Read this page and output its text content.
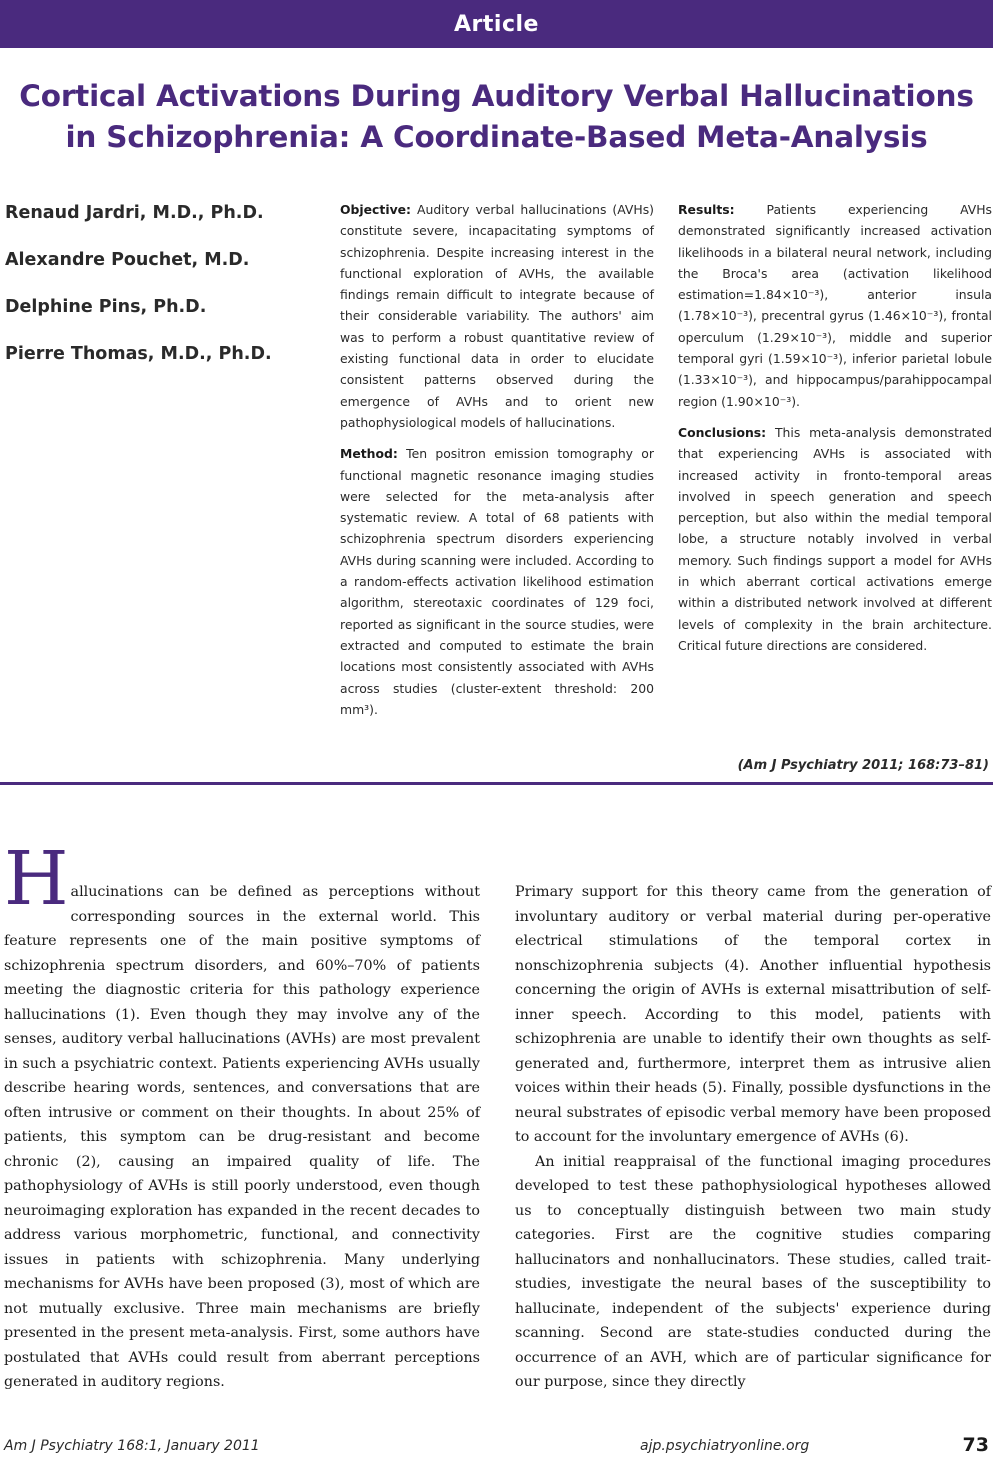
Article
Cortical Activations During Auditory Verbal Hallucinations
in Schizophrenia: A Coordinate-Based Meta-Analysis
Renaud Jardri, M.D., Ph.D.
Alexandre Pouchet, M.D.
Delphine Pins, Ph.D.
Pierre Thomas, M.D., Ph.D.

Objective: Auditory verbal hallucinations (AVHs) constitute severe, incapacitating symptoms of schizophrenia. Despite increasing interest in the functional exploration of AVHs, the available findings remain difficult to integrate because of their considerable variability. The authors' aim was to perform a robust quantitative review of existing functional data in order to elucidate consistent patterns observed during the emergence of AVHs and to orient new pathophysiological models of hallucinations.

Method: Ten positron emission tomography or functional magnetic resonance imaging studies were selected for the meta-analysis after systematic review. A total of 68 patients with schizophrenia spectrum disorders experiencing AVHs during scanning were included. According to a random-effects activation likelihood estimation algorithm, stereotaxic coordinates of 129 foci, reported as significant in the source studies, were extracted and computed to estimate the brain locations most consistently associated with AVHs across studies (cluster-extent threshold: 200 mm³).

Results:	Patients experiencing AVHs demonstrated significantly increased activation likelihoods in a bilateral neural network, including the Broca's area (activation likelihood estimation=1.84×10⁻³), anterior insula (1.78×10⁻³), precentral gyrus (1.46×10⁻³), frontal operculum (1.29×10⁻³), middle and superior temporal gyri (1.59×10⁻³), inferior parietal lobule (1.33×10⁻³), and hippocampus/parahippocampal region (1.90×10⁻³).

Conclusions: This meta-analysis demonstrated that experiencing AVHs is associated with increased activity in fronto-temporal areas involved in speech generation and speech perception, but also within the medial temporal lobe, a structure notably involved in verbal memory. Such findings support a model for AVHs in which aberrant cortical activations emerge within a distributed network involved at different levels of complexity in the brain architecture. Critical future directions are considered.

(Am J Psychiatry 2011; 168:73–81)

Hallucinations can be defined as perceptions without corresponding sources in the external world. This feature represents one of the main positive symptoms of schizophrenia spectrum disorders, and 60%–70% of patients meeting the diagnostic criteria for this pathology experience hallucinations (1). Even though they may involve any of the senses, auditory verbal hallucinations (AVHs) are most prevalent in such a psychiatric context. Patients experiencing AVHs usually describe hearing words, sentences, and conversations that are often intrusive or comment on their thoughts. In about 25% of patients, this symptom can be drug-resistant and become chronic (2), causing an impaired quality of life. The pathophysiology of AVHs is still poorly understood, even though neuroimaging exploration has expanded in the recent decades to address various morphometric, functional, and connectivity issues in patients with schizophrenia. Many underlying mechanisms for AVHs have been proposed (3), most of which are not mutually exclusive. Three main mechanisms are briefly presented in the present meta-analysis. First, some authors have postulated that AVHs could result from aberrant perceptions generated in auditory regions.

Primary support for this theory came from the generation of involuntary auditory or verbal material during per-operative electrical stimulations of the temporal cortex in nonschizophrenia subjects (4). Another influential hypothesis concerning the origin of AVHs is external misattribution of self-inner speech. According to this model, patients with schizophrenia are unable to identify their own thoughts as self-generated and, furthermore, interpret them as intrusive alien voices within their heads (5). Finally, possible dysfunctions in the neural substrates of episodic verbal memory have been proposed to account for the involuntary emergence of AVHs (6).

An initial reappraisal of the functional imaging procedures developed to test these pathophysiological hypotheses allowed us to conceptually distinguish between two main study categories. First are the cognitive studies comparing hallucinators and nonhallucinators. These studies, called trait-studies, investigate the neural bases of the susceptibility to hallucinate, independent of the subjects' experience during scanning. Second are state-studies conducted during the occurrence of an AVH, which are of particular significance for our purpose, since they directly

Am J Psychiatry 168:1, January 2011	ajp.psychiatryonline.org	73
